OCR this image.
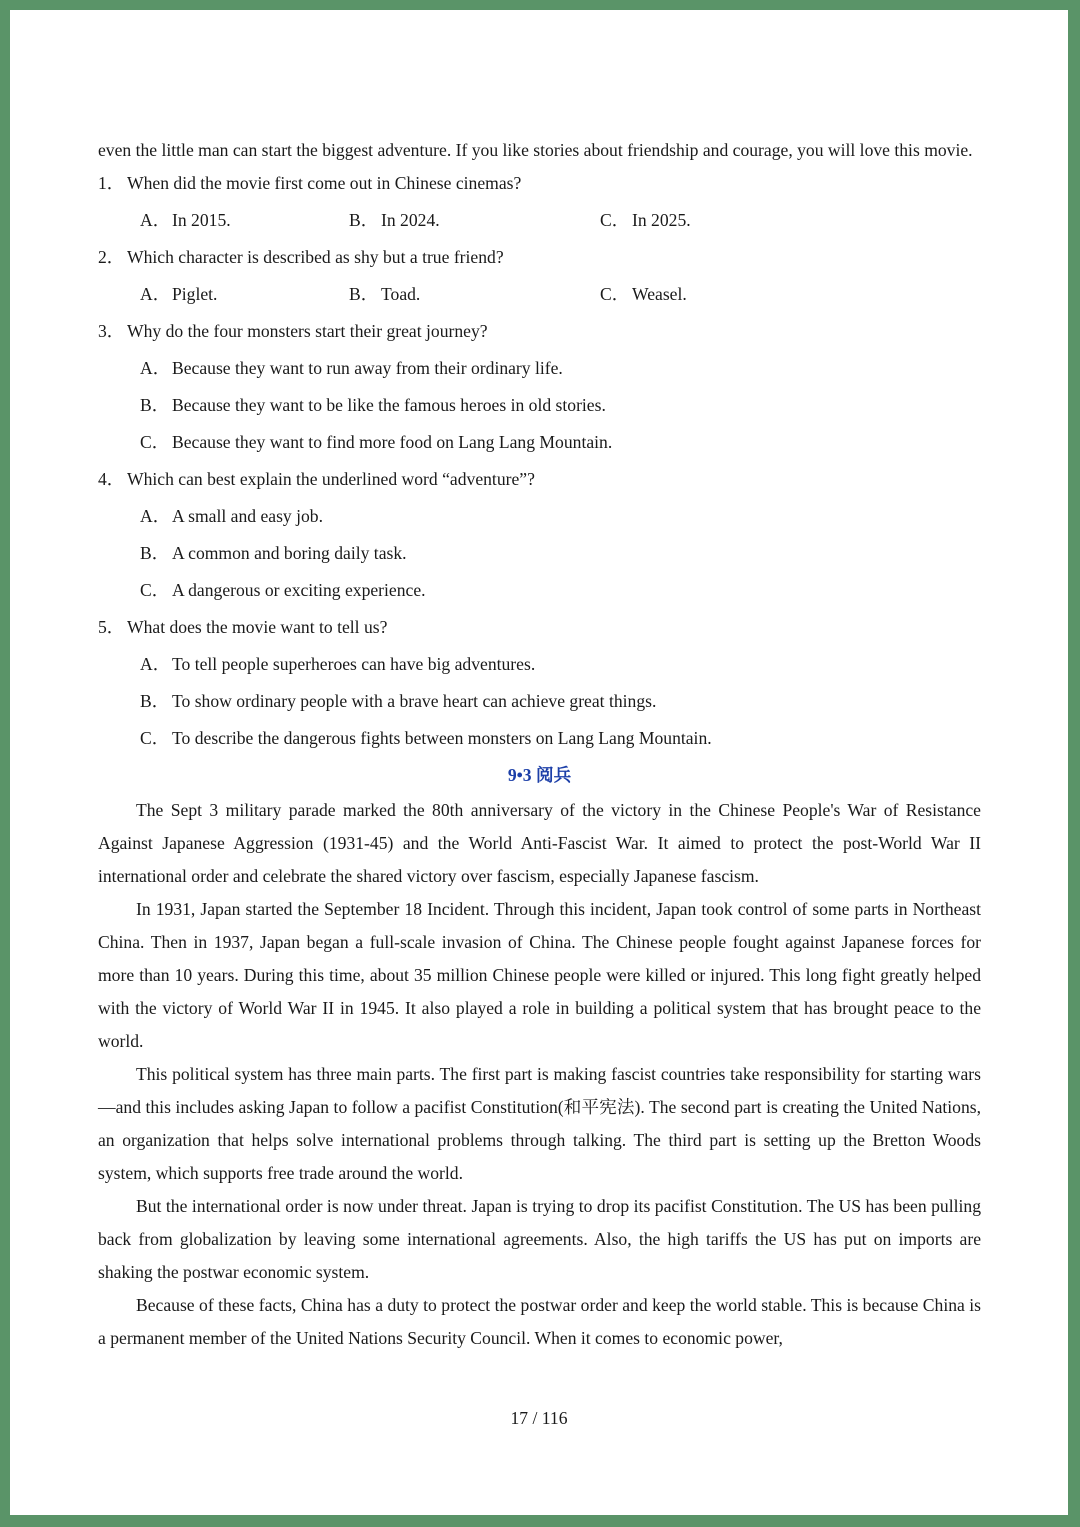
even the little man can start the biggest adventure. If you like stories about friendship and courage, you will love this movie.

1． When did the movie first come out in Chinese cinemas?
A．In 2015.	B． In 2024.	C． In 2025.
2． Which character is described as shy but a true friend?
A．Piglet.	B． Toad.	C． Weasel.
3． Why do the four monsters start their great journey?
A．Because they want to run away from their ordinary life.
B． Because they want to be like the famous heroes in old stories.
C． Because they want to find more food on Lang Lang Mountain.
4． Which can best explain the underlined word “adventure”?
A．A small and easy job.
B． A common and boring daily task.
C． A dangerous or exciting experience.
5． What does the movie want to tell us?
A．To tell people superheroes can have big adventures.
B． To show ordinary people with a brave heart can achieve great things.
C． To describe the dangerous fights between monsters on Lang Lang Mountain.
9•3 阅兵

The Sept 3 military parade marked the 80th anniversary of the victory in the Chinese People's War of Resistance Against Japanese Aggression (1931-45) and the World Anti-Fascist War. It aimed to protect the post-World War II international order and celebrate the shared victory over fascism, especially Japanese fascism.

In 1931, Japan started the September 18 Incident. Through this incident, Japan took control of some parts in Northeast China. Then in 1937, Japan began a full-scale invasion of China. The Chinese people fought against Japanese forces for more than 10 years. During this time, about 35 million Chinese people were killed or injured. This long fight greatly helped with the victory of World War II in 1945. It also played a role in building a political system that has brought peace to the world.

This political system has three main parts. The first part is making fascist countries take responsibility for starting wars—and this includes asking Japan to follow a pacifist Constitution(和平宪法). The second part is creating the United Nations, an organization that helps solve international problems through talking. The third part is setting up the Bretton Woods system, which supports free trade around the world.

But the international order is now under threat. Japan is trying to drop its pacifist Constitution. The US has been pulling back from globalization by leaving some international agreements. Also, the high tariffs the US has put on imports are shaking the postwar economic system.

Because of these facts, China has a duty to protect the postwar order and keep the world stable. This is because China is a permanent member of the United Nations Security Council. When it comes to economic power,

17 / 116
